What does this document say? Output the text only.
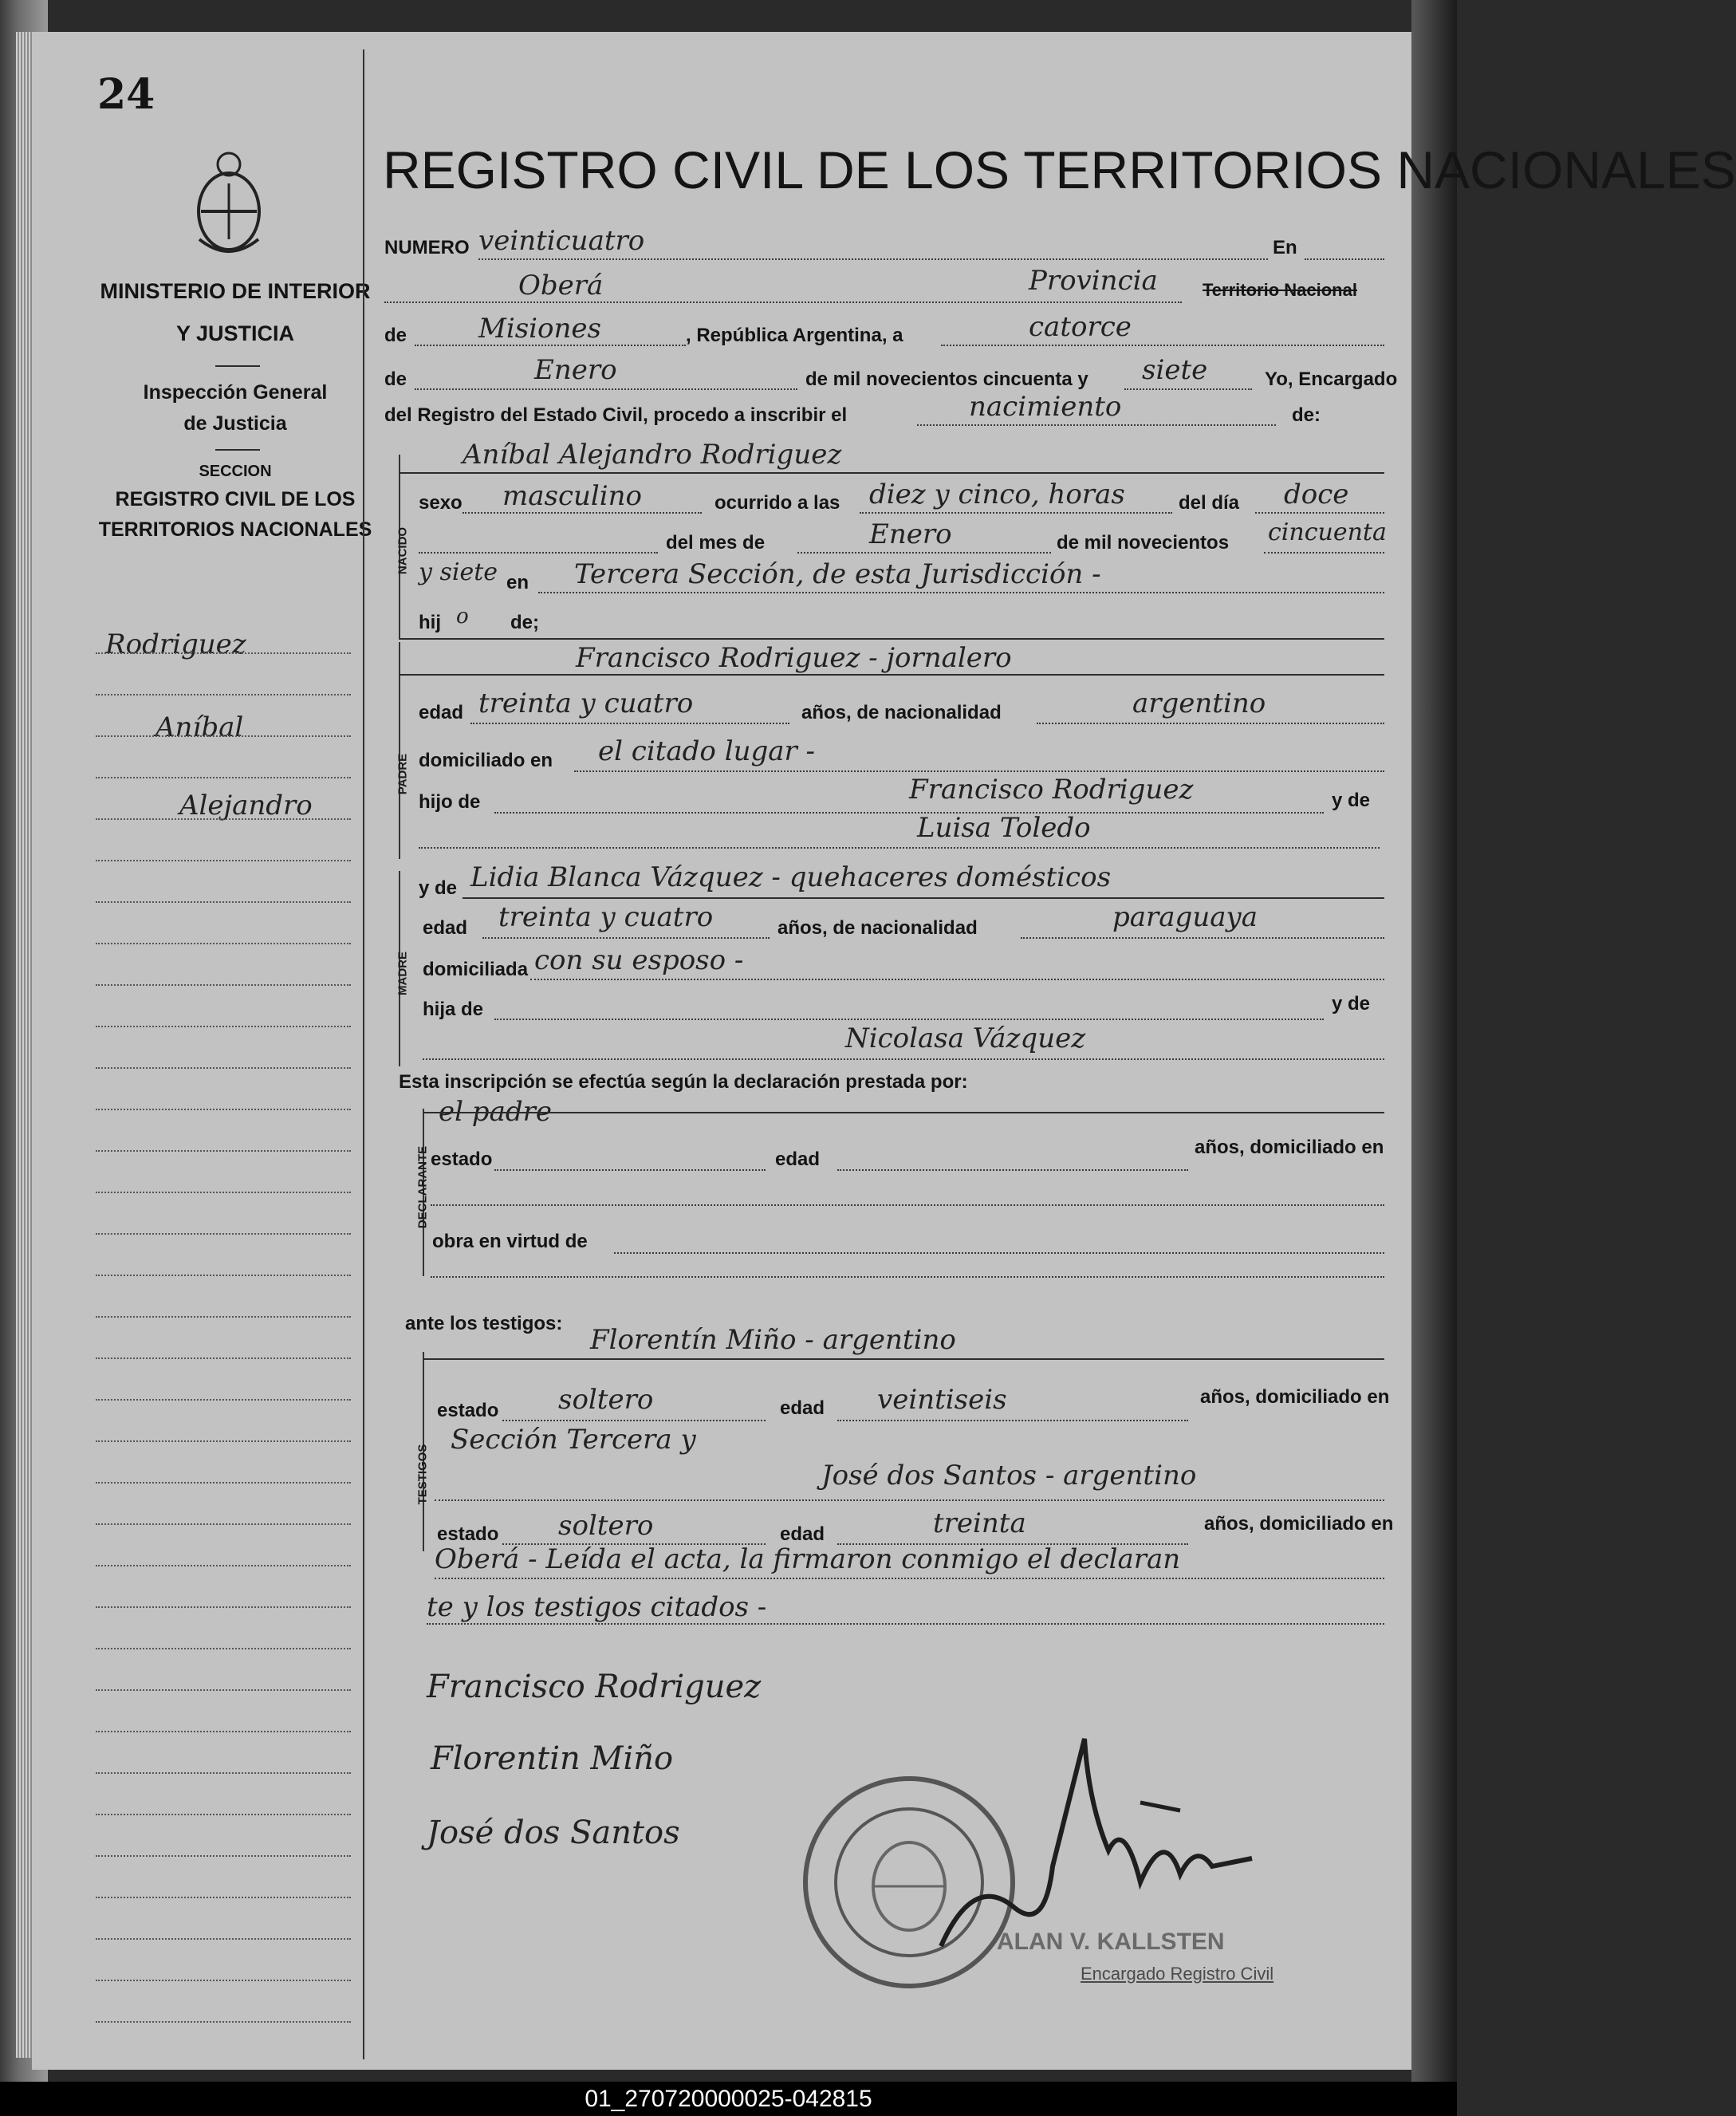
24
MINISTERIO DE INTERIOR
Y JUSTICIA
Inspección General
de Justicia
SECCION
REGISTRO CIVIL DE LOS
TERRITORIOS NACIONALES
Rodriguez
Aníbal
Alejandro
REGISTRO CIVIL DE LOS TERRITORIOS NACIONALES
NUMERO veinticuatro	En
Oberá	Provincia	Territorio Nacional
de	Misiones	, República Argentina, a	catorce
de	Enero	de mil novecientos cincuenta y siete	Yo, Encargado
del Registro del Estado Civil, procedo a inscribir el	nacimiento	de:
NACIDO
Aníbal Alejandro Rodriguez
sexo masculino	ocurrido a las diez y cinco, horas	del día doce
del mes de	Enero	de mil novecientos cincuenta
y siete en Tercera Sección, de esta Jurisdicción -
hij o de;
PADRE
Francisco Rodriguez - jornalero
edad treinta y cuatro	años, de nacionalidad	argentino
domiciliado en el citado lugar -
hijo de	Francisco Rodriguez	y de
Luisa Toledo
MADRE
y de Lidia Blanca Vázquez - quehaceres domésticos
edad treinta y cuatro	años, de nacionalidad	paraguaya
domiciliada con su esposo -
hija de	y de
Nicolasa Vázquez
Esta inscripción se efectúa según la declaración prestada por:
DECLARANTE
el padre
estado	edad
años, domiciliado en
obra en virtud de
ante los testigos:
TESTIGOS
Florentín Miño - argentino
estado soltero	edad veintiseis	años, domiciliado en
Sección Tercera y
José dos Santos - argentino
estado soltero	edad	treinta	años, domiciliado en
Oberá - Leída el acta, la firmaron conmigo el declaran
te y los testigos citados -
Francisco Rodriguez
Florentin Miño
José dos Santos
ALAN V. KALLSTEN
Encargado Registro Civil
01_270720000025-042815
